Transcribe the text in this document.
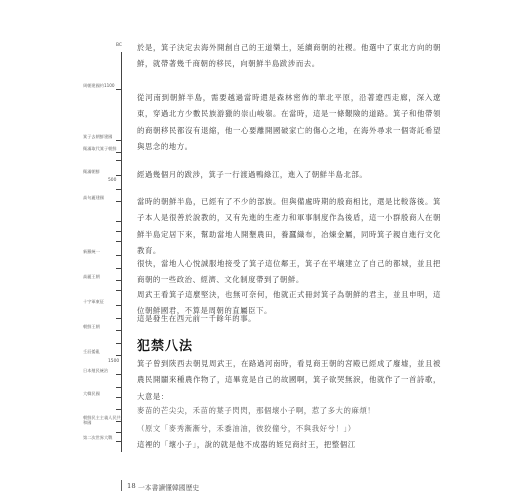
BC
周朝建國約1100
箕子去朝鮮建國
衛滿取代箕子朝鮮
衛滿朝鮮
500
高句麗建國
新羅統一
高麗王朝
十字軍東征
朝鮮王朝
壬辰倭亂
1500
日本殖民統治
大韓民國
朝鮮民主主義人民共和國
第二次世界大戰

於是，箕子決定去海外開創自己的王道樂土，延續商朝的社稷。他選中了東北方向的朝鮮，就帶著幾千商朝的移民，向朝鮮半島跋涉而去。

從河南到朝鮮半島，需要越過當時還是森林密佈的華北平原，沿著遼西走廊，深入遼東，穿過北方少數民族游獵的崇山峻嶺。在當時，這是一條艱險的道路。箕子和他帶領的商朝移民都沒有退縮，他一心要離開國破家亡的傷心之地，在海外尋求一個寄託希望與思念的地方。

經過幾個月的跋涉，箕子一行渡過鴨綠江，進入了朝鮮半島北部。

當時的朝鮮半島，已經有了不少的部族。但與備處時期的殷商相比，還是比較落後。箕子本人是很善於說教的，又有先進的生產力和軍事制度作為後盾，這一小群殷商人在朝鮮半島定居下來，幫助當地人開墾農田，養蠶織布，冶煉金屬，同時箕子親自進行文化教育。

很快，當地人心悅誠服地接受了箕子這位鄰王，箕子在平壤建立了自己的都城，並且把商朝的一些政治、經濟、文化制度帶到了朝鮮。

周武王看箕子這麼堅決，也無可奈何，他就正式冊封箕子為朝鮮的君主，並且申明，這位朝鮮國君，不算是周朝的直屬臣下。

這是發生在西元前一千餘年的事。

犯禁八法

箕子曾到陝西去朝見周武王，在路過河南時，看見商王朝的宮殿已經成了廢墟，並且被農民開闢來種農作物了，這畢竟是自己的故國啊，箕子欲哭無淚，他就作了一首詩歌，大意是：

麥苗的芒尖尖，禾苗的葉子閃閃，那個壞小子啊，惹了多大的麻煩！

（原文「麥秀漸漸兮，禾黍油油，彼狡僮兮，不與我好兮！」）

這裡的「壞小子」，說的就是他不成器的姪兒商紂王，把整個江

18 一本書讀懂韓國歷史
